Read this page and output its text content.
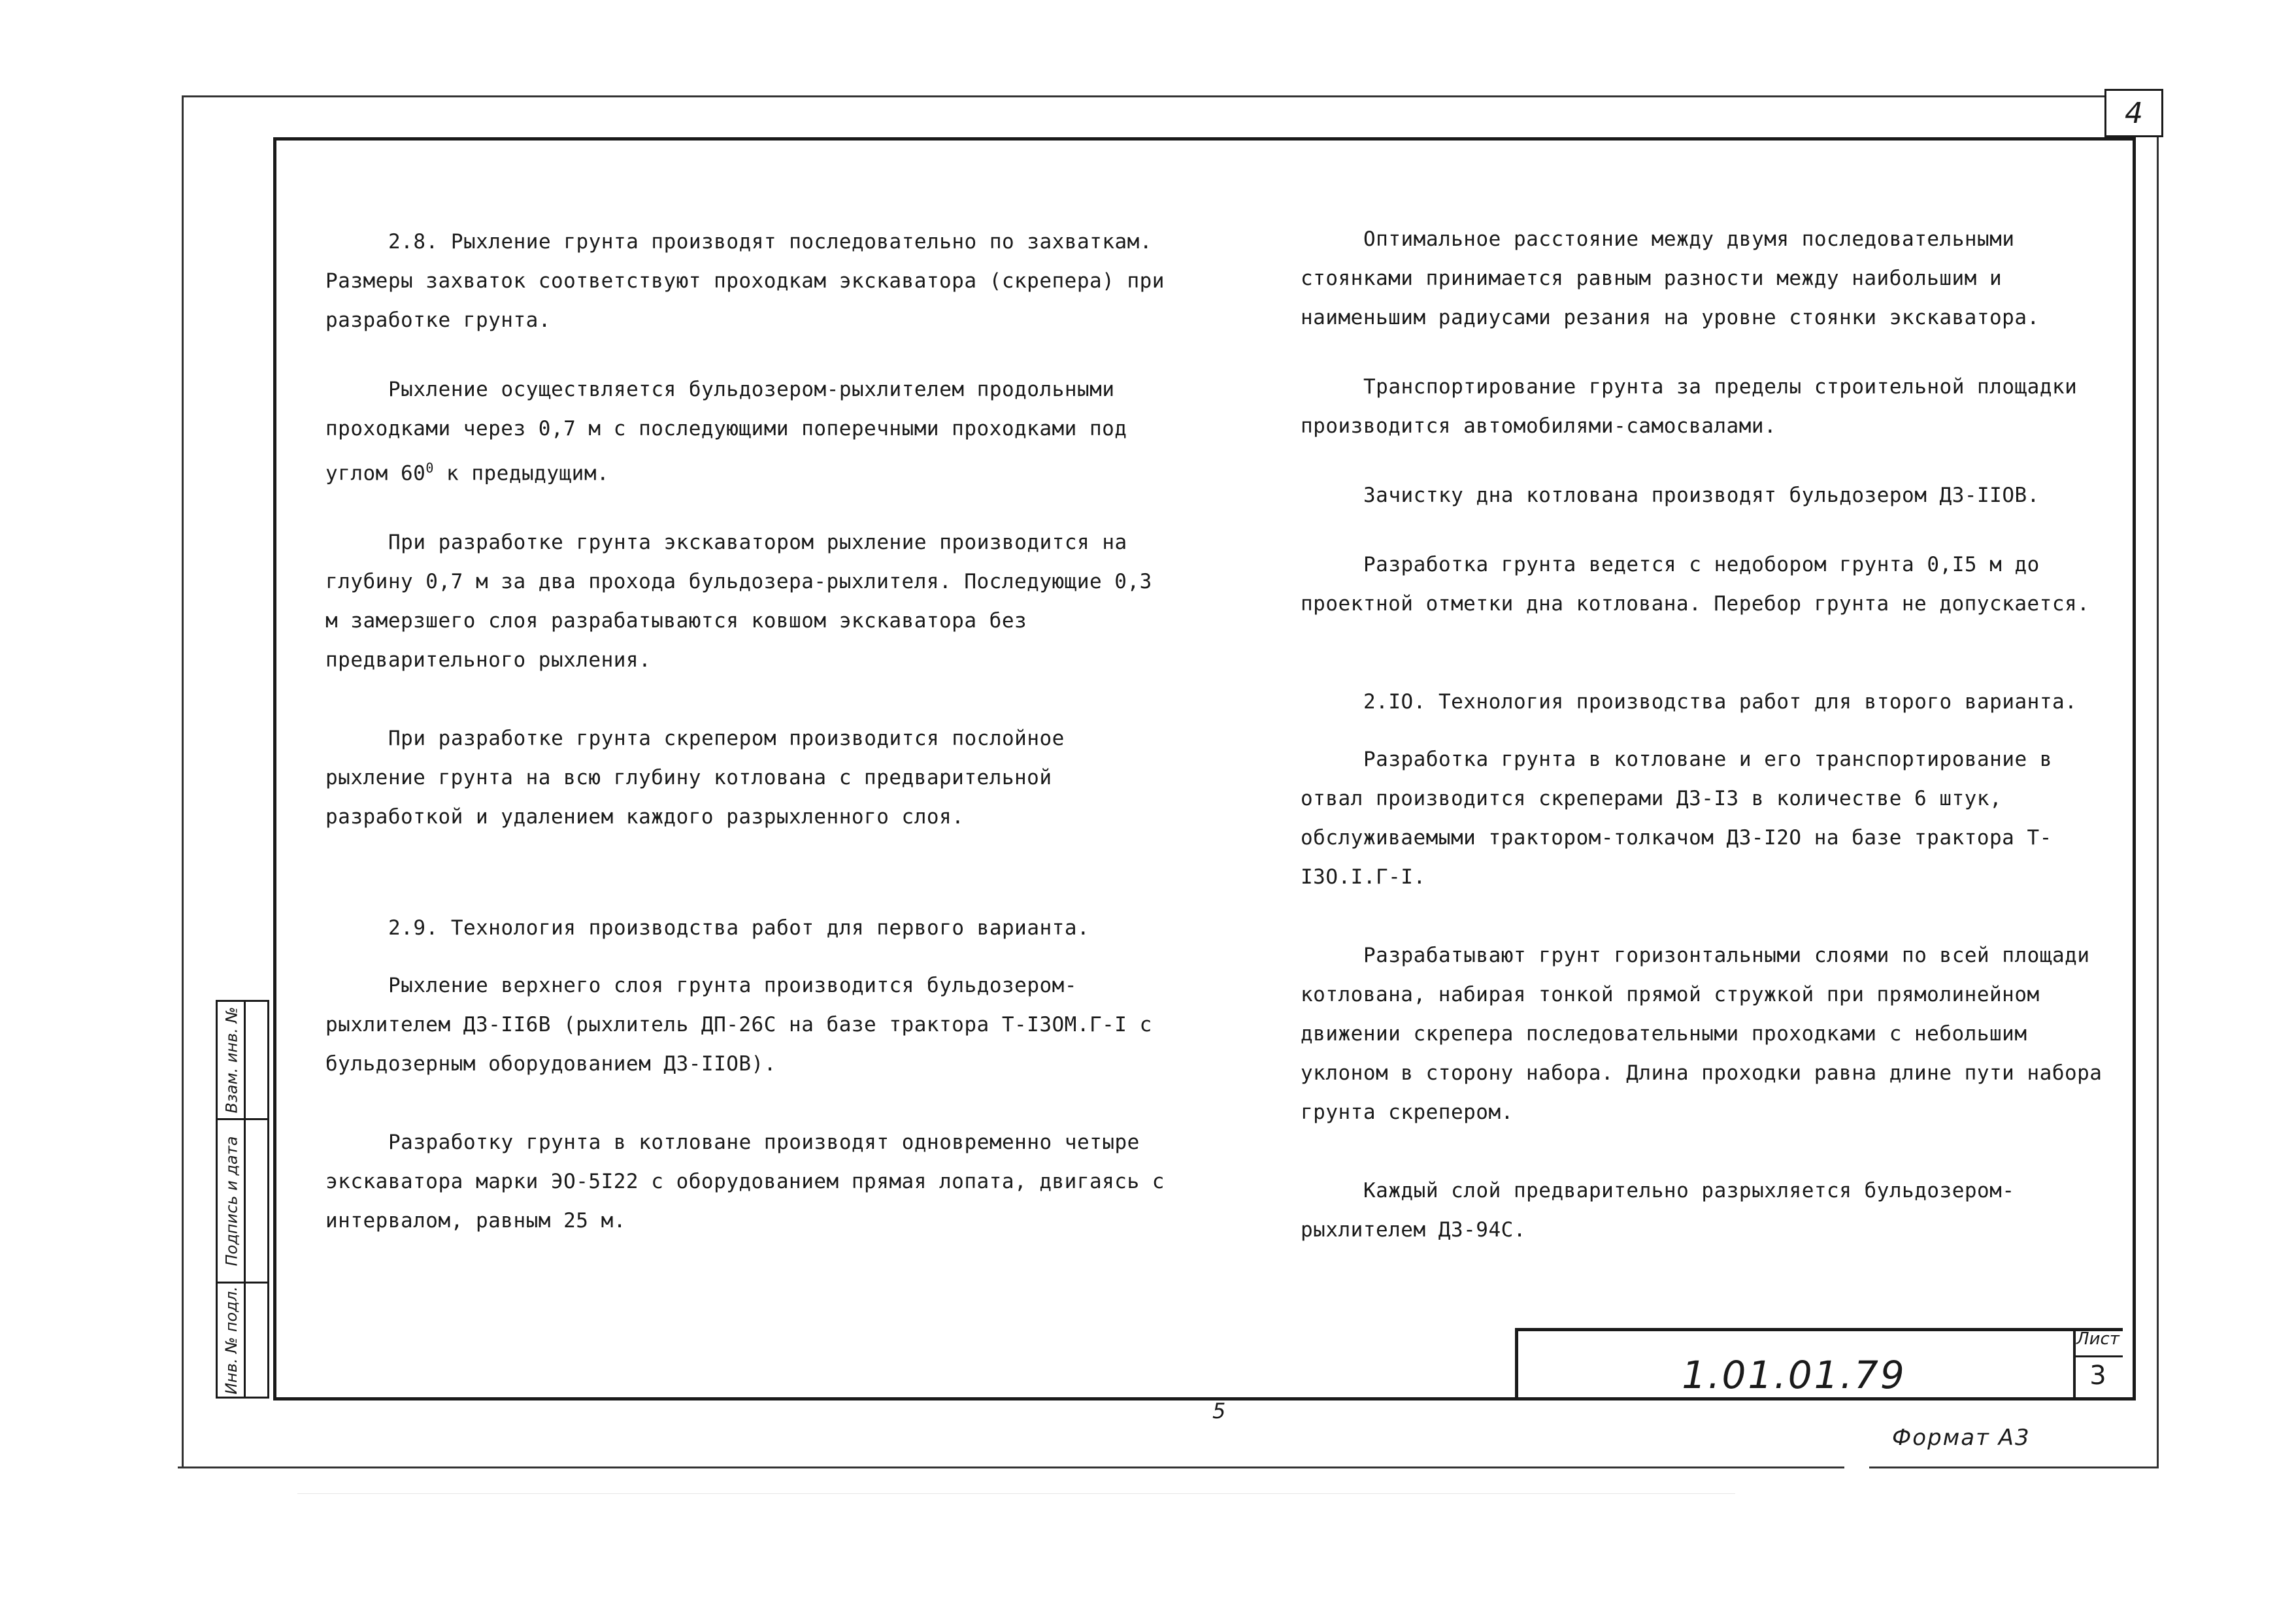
4

2.8. Рыхление грунта производят последовательно по захваткам. Размеры захваток соответствуют проходкам экскаватора (скрепера) при разработке грунта.

Рыхление осуществляется бульдозером-рыхлителем продольными проходками через 0,7 м с последующими поперечными проходками под углом $60^0$ к предыдущим.

При разработке грунта экскаватором рыхление производится на глубину 0,7 м за два прохода бульдозера-рыхлителя. Последующие 0,3 м замерзшего слоя разрабатываются ковшом экскаватора без предварительного рыхления.

При разработке грунта скрепером производится послойное рыхление грунта на всю глубину котлована с предварительной разработкой и удалением каждого разрыхленного слоя.

2.9. Технология производства работ для первого варианта.

Рыхление верхнего слоя грунта производится бульдозером-рыхлителем ДЗ-II6В (рыхлитель ДП-26С на базе трактора Т-I3OM.Г-I с бульдозерным оборудованием ДЗ-IIOB).

Разработку грунта в котловане производят одновременно четыре экскаватора марки ЭО-5I22 с оборудованием прямая лопата, двигаясь с интервалом, равным 25 м.

Оптимальное расстояние между двумя последовательными стоянками принимается равным разности между наибольшим и наименьшим радиусами резания на уровне стоянки экскаватора.

Транспортирование грунта за пределы строительной площадки производится автомобилями-самосвалами.

Зачистку дна котлована производят бульдозером ДЗ-IIOB.

Разработка грунта ведется с недобором грунта 0,I5 м до проектной отметки дна котлована. Перебор грунта не допускается.

2.IO. Технология производства работ для второго варианта.

Разработка грунта в котловане и его транспортирование в отвал производится скреперами ДЗ-I3 в количестве 6 штук, обслуживаемыми трактором-толкачом ДЗ-I2O на базе трактора Т-I3O.I.Г-I.

Разрабатывают грунт горизонтальными слоями по всей площади котлована, набирая тонкой прямой стружкой при прямолинейном движении скрепера последовательными проходками с небольшим уклоном в сторону набора. Длина проходки равна длине пути набора грунта скрепером.

Каждый слой предварительно разрыхляется бульдозером-рыхлителем ДЗ-94С.

Взам. инв. №
Подпись и дата
Инв. № подл.	1.01.01.79
Лист
3
5
Формат А3
